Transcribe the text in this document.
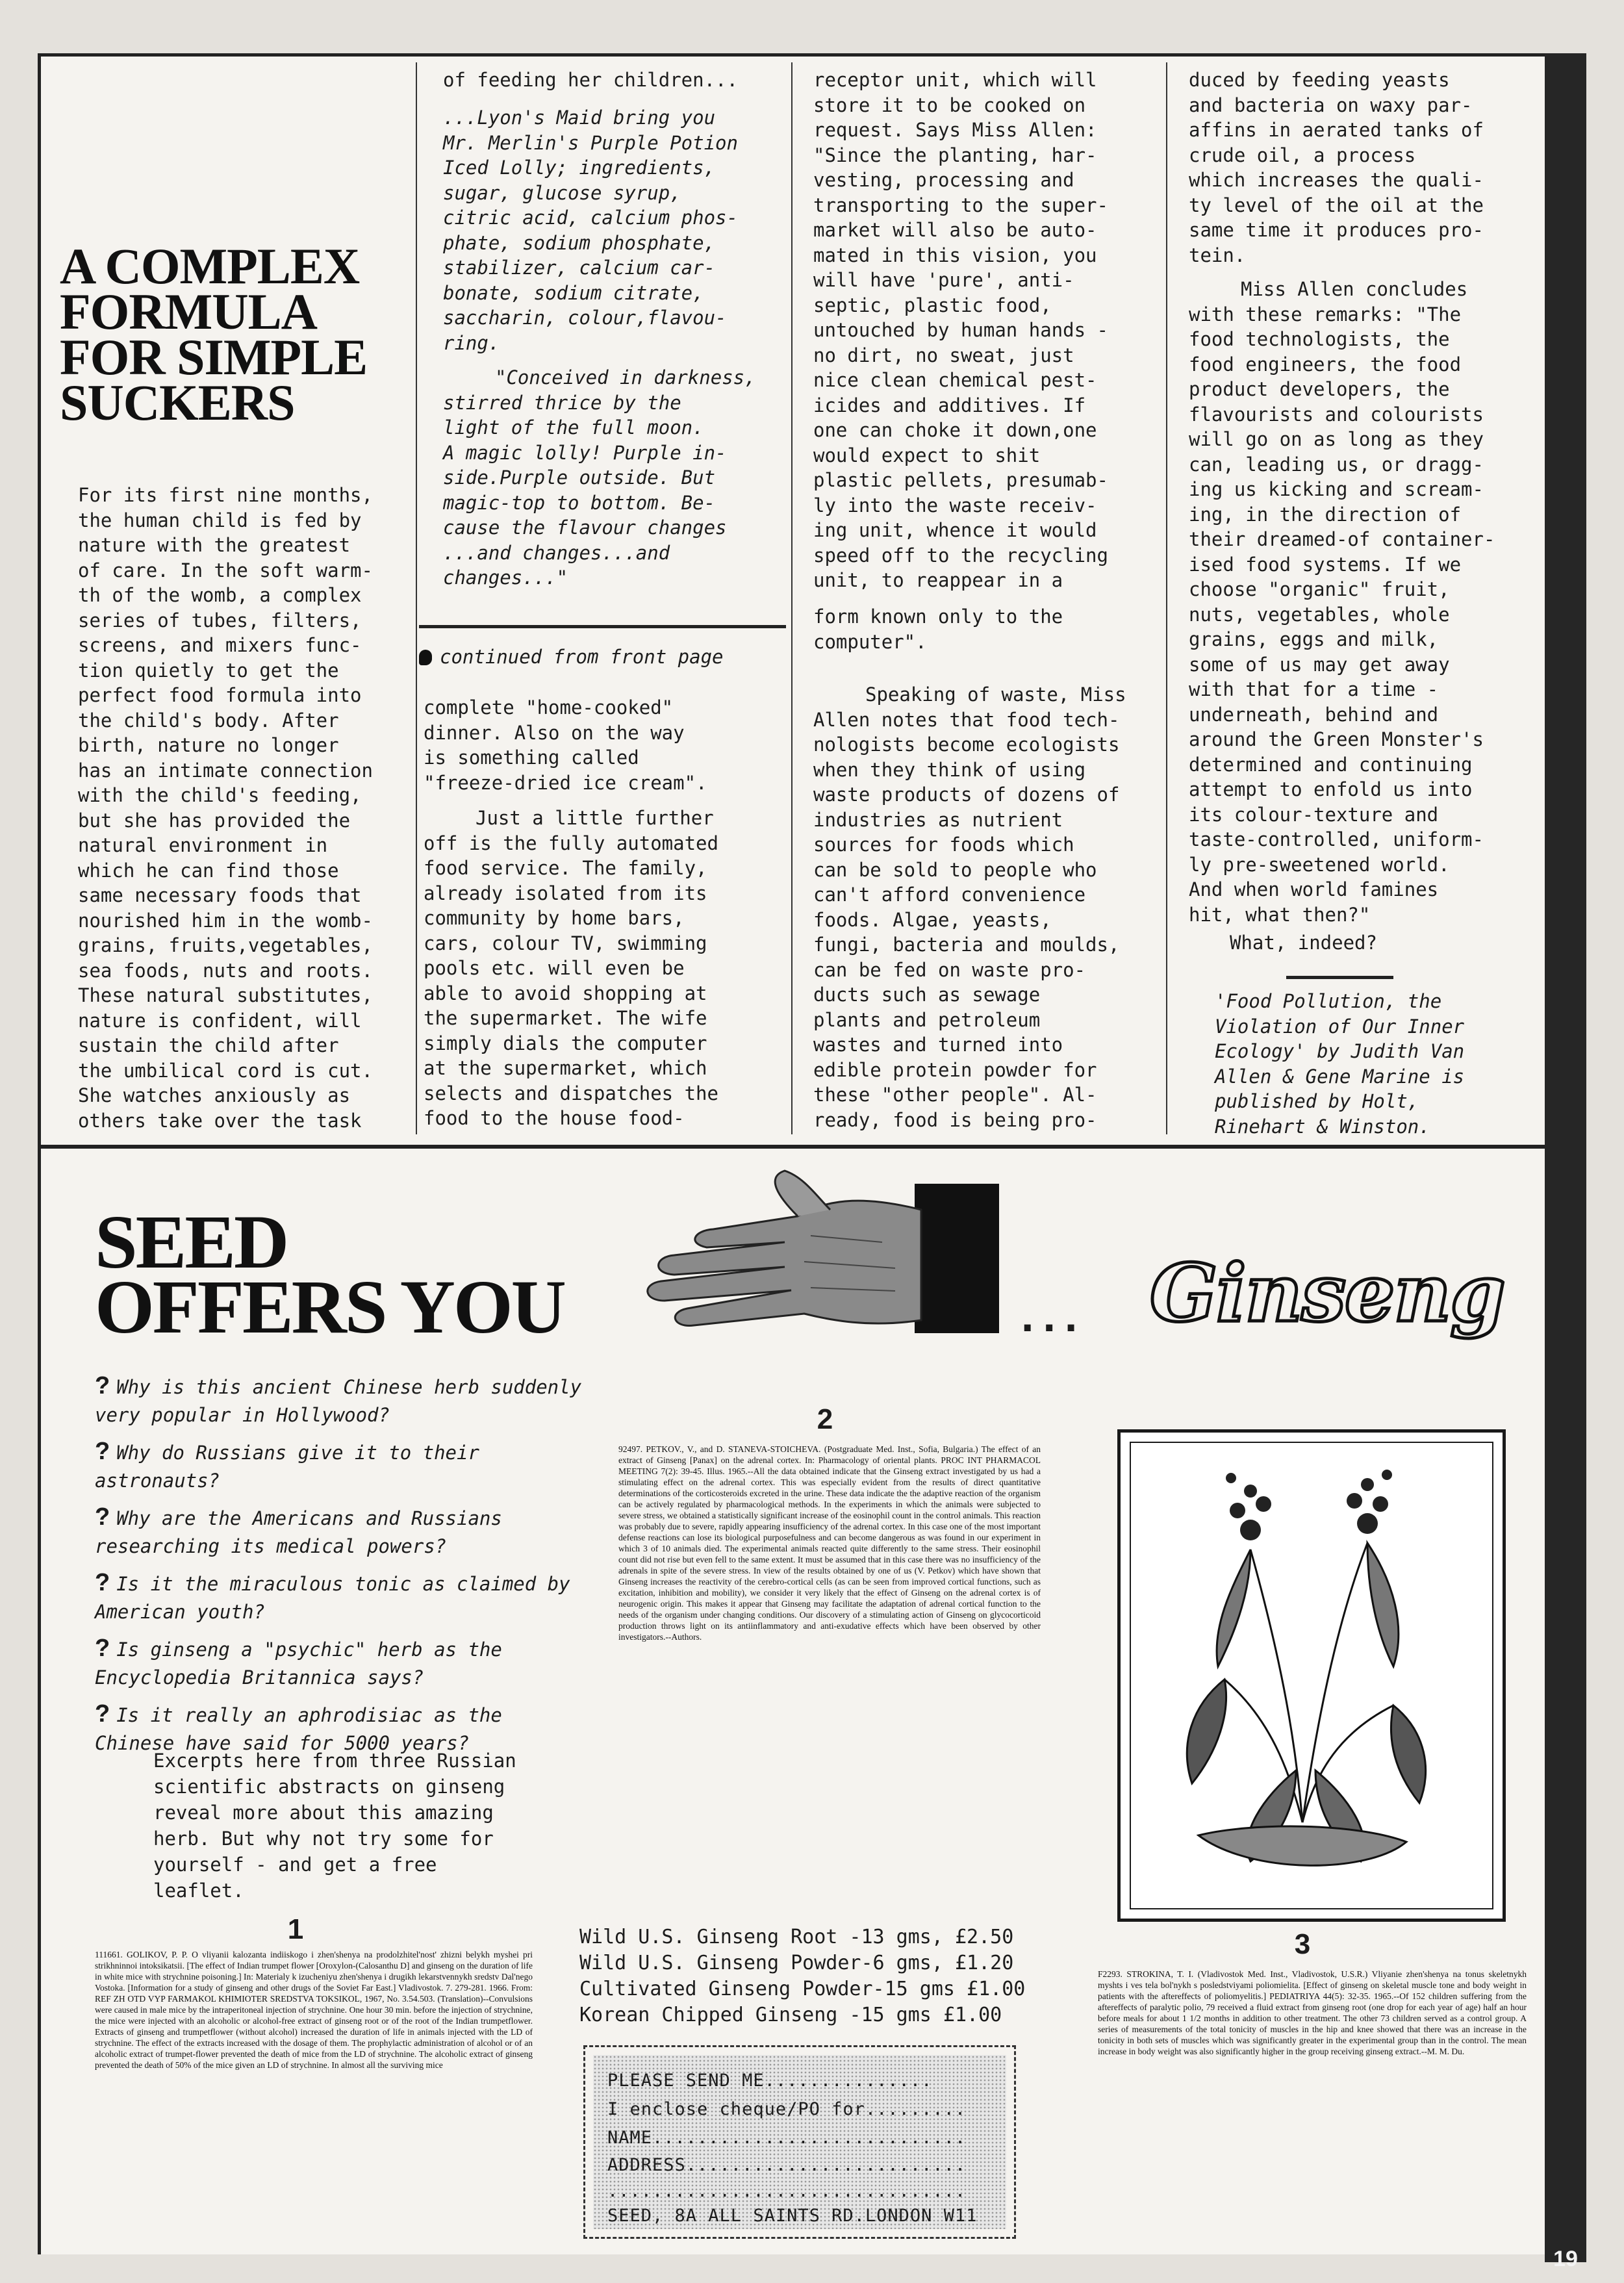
19
A COMPLEX FORMULA FOR SIMPLE SUCKERS

For its first nine months,

the human child is fed by

nature with the greatest

of care. In the soft warm-

th of the womb, a complex

series of tubes, filters,

screens, and mixers func-

tion quietly to get the

perfect food formula into

the child's body. After

birth, nature no longer

has an intimate connection

with the child's feeding,

but she has provided the

natural environment in

which he can find those

same necessary foods that

nourished him in the womb-

grains, fruits,vegetables,

sea foods, nuts and roots.

These natural substitutes,

nature is confident, will

sustain the child after

the umbilical cord is cut.

She watches anxiously as

others take over the task

of feeding her children...

...Lyon's Maid bring you

Mr. Merlin's Purple Potion

Iced Lolly; ingredients,

sugar, glucose syrup,

citric acid, calcium phos-

phate, sodium phosphate,

stabilizer, calcium car-

bonate, sodium citrate,

saccharin, colour,flavou-

ring.

"Conceived in darkness,

stirred thrice by the

light of the full moon.

A magic lolly! Purple in-

side.Purple outside. But

magic-top to bottom. Be-

cause the flavour changes

...and changes...and

changes..."

continued from front page

complete "home-cooked"

dinner. Also on the way

is something called

"freeze-dried ice cream".

Just a little further

off is the fully automated

food service. The family,

already isolated from its

community by home bars,

cars, colour TV, swimming

pools etc. will even be

able to avoid shopping at

the supermarket. The wife

simply dials the computer

at the supermarket, which

selects and dispatches the

food to the house food-

receptor unit, which will

store it to be cooked on

request. Says Miss Allen:

"Since the planting, har-

vesting, processing and

transporting to the super-

market will also be auto-

mated in this vision, you

will have 'pure', anti-

septic, plastic food,

untouched by human hands -

no dirt, no sweat, just

nice clean chemical pest-

icides and additives. If

one can choke it down,one

would expect to shit

plastic pellets, presumab-

ly into the waste receiv-

ing unit, whence it would

speed off to the recycling

unit, to reappear in a

form known only to the

computer".

Speaking of waste, Miss

Allen notes that food tech-

nologists become ecologists

when they think of using

waste products of dozens of

industries as nutrient

sources for foods which

can be sold to people who

can't afford convenience

foods. Algae, yeasts,

fungi, bacteria and moulds,

can be fed on waste pro-

ducts such as sewage

plants and petroleum

wastes and turned into

edible protein powder for

these "other people". Al-

ready, food is being pro-

duced by feeding yeasts

and bacteria on waxy par-

affins in aerated tanks of

crude oil, a process

which increases the quali-

ty level of the oil at the

same time it produces pro-

tein.

Miss Allen concludes

with these remarks: "The

food technologists, the

food engineers, the food

product developers, the

flavourists and colourists

will go on as long as they

can, leading us, or dragg-

ing us kicking and scream-

ing, in the direction of

their dreamed-of container-

ised food systems. If we

choose "organic" fruit,

nuts, vegetables, whole

grains, eggs and milk,

some of us may get away

with that for a time -

underneath, behind and

around the Green Monster's

determined and continuing

attempt to enfold us into

its colour-texture and

taste-controlled, uniform-

ly pre-sweetened world.

And when world famines

hit, what then?"

What, indeed?

'Food Pollution, the

Violation of Our Inner

Ecology' by Judith Van

Allen & Gene Marine is

published by Holt,

Rinehart & Winston.

SEED
OFFERS YOU	... Ginseng

? Why is this ancient Chinese herb suddenly very popular in Hollywood?

? Why do Russians give it to their astronauts?

? Why are the Americans and Russians researching its medical powers?

? Is it the miraculous tonic as claimed by American youth?

? Is ginseng a "psychic" herb as the Encyclopedia Britannica says?

? Is it really an aphrodisiac as the Chinese have said for 5000 years?

Excerpts here from three Russian scientific abstracts on ginseng reveal more about this amazing herb. But why not try some for yourself - and get a free leaflet.

1

111661. GOLIKOV, P. P. O vliyanii kalozanta indiiskogo i zhen'shenya na prodolzhitel'nost' zhizni belykh myshei pri strikhninnoi intoksikatsii. [The effect of Indian trumpet flower [Oroxylon-(Calosanthu D] and ginseng on the duration of life in white mice with strychnine poisoning.] In: Materialy k izucheniyu zhen'shenya i drugikh lekarstvennykh sredstv Dal'nego Vostoka. [Information for a study of ginseng and other drugs of the Soviet Far East.] Vladivostok. 7. 279-281. 1966. From: REF ZH OTD VYP FARMAKOL KHIMIOTER SREDSTVA TOKSIKOL, 1967, No. 3.54.503. (Translation)--Convulsions were caused in male mice by the intraperitoneal injection of strychnine. One hour 30 min. before the injection of strychnine, the mice were injected with an alcoholic or alcohol-free extract of ginseng root or of the root of the Indian trumpetflower. Extracts of ginseng and trumpetflower (without alcohol) increased the duration of life in animals injected with the LD of strychnine. The effect of the extracts increased with the dosage of them. The prophylactic administration of alcohol or of an alcoholic extract of trumpet-flower prevented the death of mice from the LD of strychnine. The alcoholic extract of ginseng prevented the death of 50% of the mice given an LD of strychnine. In almost all the surviving mice

2

92497. PETKOV., V., and D. STANEVA-STOICHEVA. (Postgraduate Med. Inst., Sofia, Bulgaria.) The effect of an extract of Ginseng [Panax] on the adrenal cortex. In: Pharmacology of oriental plants. PROC INT PHARMACOL MEETING 7(2): 39-45. Illus. 1965.--All the data obtained indicate that the Ginseng extract investigated by us had a stimulating effect on the adrenal cortex. This was especially evident from the results of direct quantitative determinations of the corticosteroids excreted in the urine. These data indicate the the adaptive reaction of the organism can be actively regulated by pharmacological methods. In the experiments in which the animals were subjected to severe stress, we obtained a statistically significant increase of the eosinophil count in the control animals. This reaction was probably due to severe, rapidly appearing insufficiency of the adrenal cortex. In this case one of the most important defense reactions can lose its biological purposefulness and can become dangerous as was found in our experiment in which 3 of 10 animals died. The experimental animals reacted quite differently to the same stress. Their eosinophil count did not rise but even fell to the same extent. It must be assumed that in this case there was no insufficiency of the adrenals in spite of the severe stress. In view of the results obtained by one of us (V. Petkov) which have shown that Ginseng increases the reactivity of the cerebro-cortical cells (as can be seen from improved cortical functions, such as excitation, inhibition and mobility), we consider it very likely that the effect of Ginseng on the adrenal cortex is of neurogenic origin. This makes it appear that Ginseng may facilitate the adaptation of adrenal cortical function to the needs of the organism under changing conditions. Our discovery of a stimulating action of Ginseng on glycocorticoid production throws light on its antiinflammatory and anti-exudative effects which have been observed by other investigators.--Authors.

3

F2293. STROKINA, T. I. (Vladivostok Med. Inst., Vladivostok, U.S.R.) Vliyanie zhen'shenya na tonus skeletnykh myshts i ves tela bol'nykh s posledstviyami poliomielita. [Effect of ginseng on skeletal muscle tone and body weight in patients with the aftereffects of poliomyelitis.] PEDIATRIYA 44(5): 32-35. 1965.--Of 152 children suffering from the aftereffects of paralytic polio, 79 received a fluid extract from ginseng root (one drop for each year of age) half an hour before meals for about 1 1/2 months in addition to other treatment. The other 73 children served as a control group. A series of measurements of the total tonicity of muscles in the hip and knee showed that there was an increase in the tonicity in both sets of muscles which was significantly greater in the experimental group than in the control. The mean increase in body weight was also significantly higher in the group receiving ginseng extract.--M. M. Du.

Wild U.S. Ginseng Root -13 gms, £2.50

Wild U.S. Ginseng Powder-6 gms, £1.20

Cultivated Ginseng Powder-15 gms £1.00

Korean Chipped Ginseng -15 gms £1.00

PLEASE SEND ME...............

I enclose cheque/PO for.........

NAME............................

ADDRESS.........................

................................

SEED, 8A ALL SAINTS RD.LONDON W11
